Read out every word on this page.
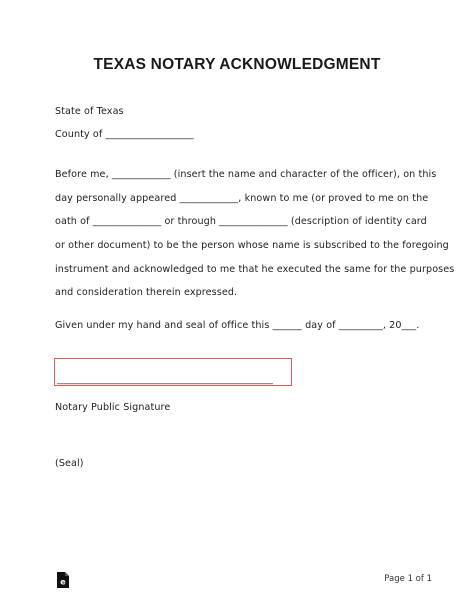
TEXAS NOTARY ACKNOWLEDGMENT
State of Texas
County of __________________
Before me, ____________ (insert the name and character of the officer), on this
day personally appeared ____________, known to me (or proved to me on the
oath of ______________ or through ______________ (description of identity card
or other document) to be the person whose name is subscribed to the foregoing
instrument and acknowledged to me that he executed the same for the purposes
and consideration therein expressed.
Given under my hand and seal of office this ______ day of _________, 20___.
_____________________________________________
Notary Public Signature
(Seal)
e	Page 1 of 1
